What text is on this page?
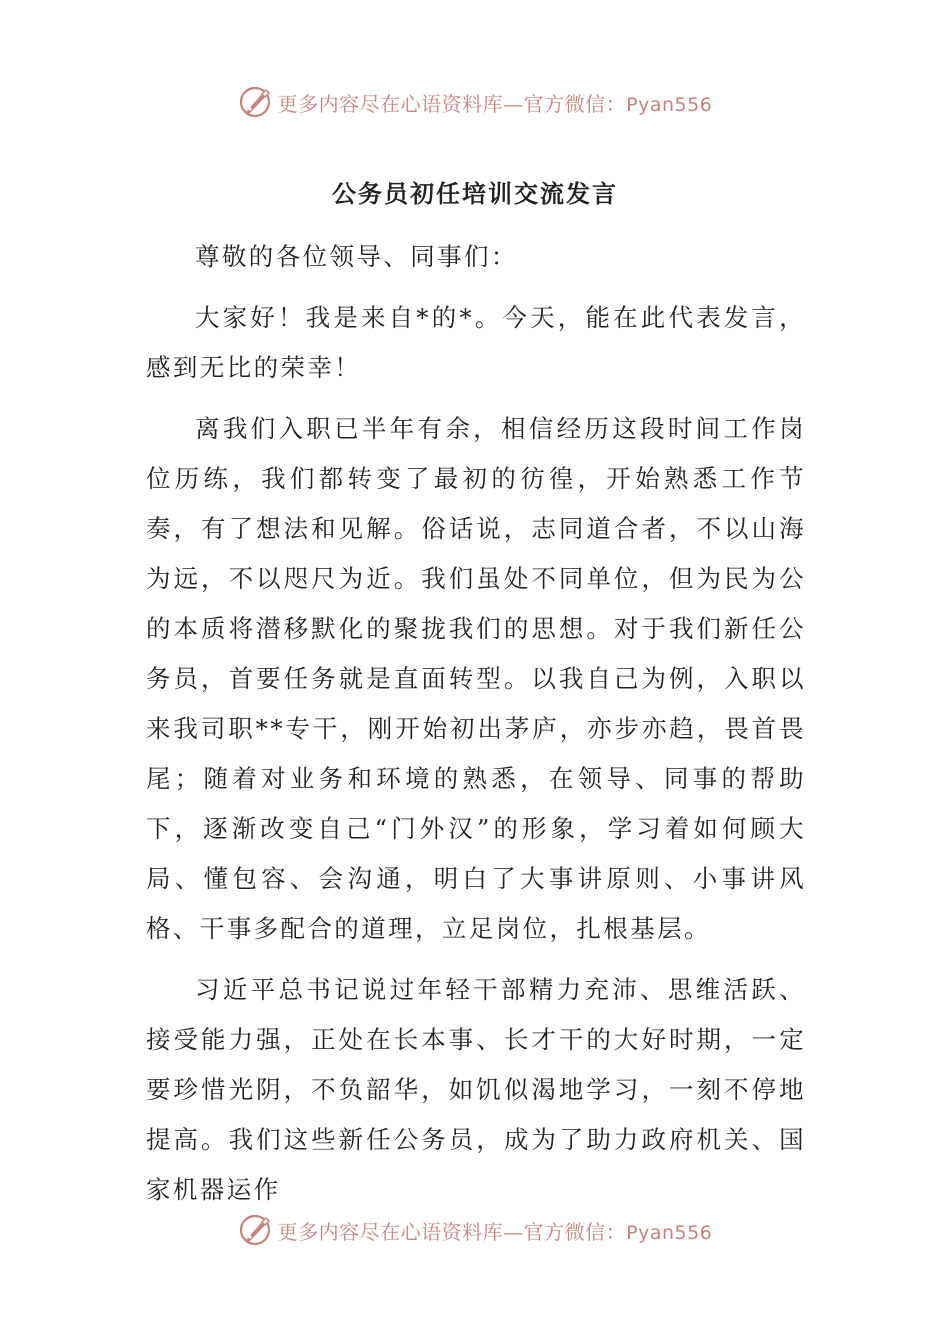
更多内容尽在心语资料库—官方微信：Pyan556
公务员初任培训交流发言

尊敬的各位领导、同事们：

大家好！我是来自*的*。今天，能在此代表发言，感到无比的荣幸！

离我们入职已半年有余，相信经历这段时间工作岗位历练，我们都转变了最初的彷徨，开始熟悉工作节奏，有了想法和见解。俗话说，志同道合者，不以山海为远，不以咫尺为近。我们虽处不同单位，但为民为公的本质将潜移默化的聚拢我们的思想。对于我们新任公务员，首要任务就是直面转型。以我自己为例，入职以来我司职**专干，刚开始初出茅庐，亦步亦趋，畏首畏尾；随着对业务和环境的熟悉，在领导、同事的帮助下，逐渐改变自己“门外汉”的形象，学习着如何顾大局、懂包容、会沟通，明白了大事讲原则、小事讲风格、干事多配合的道理，立足岗位，扎根基层。

习近平总书记说过年轻干部精力充沛、思维活跃、接受能力强，正处在长本事、长才干的大好时期，一定要珍惜光阴，不负韶华，如饥似渴地学习，一刻不停地提高。我们这些新任公务员，成为了助力政府机关、国家机器运作

更多内容尽在心语资料库—官方微信：Pyan556
